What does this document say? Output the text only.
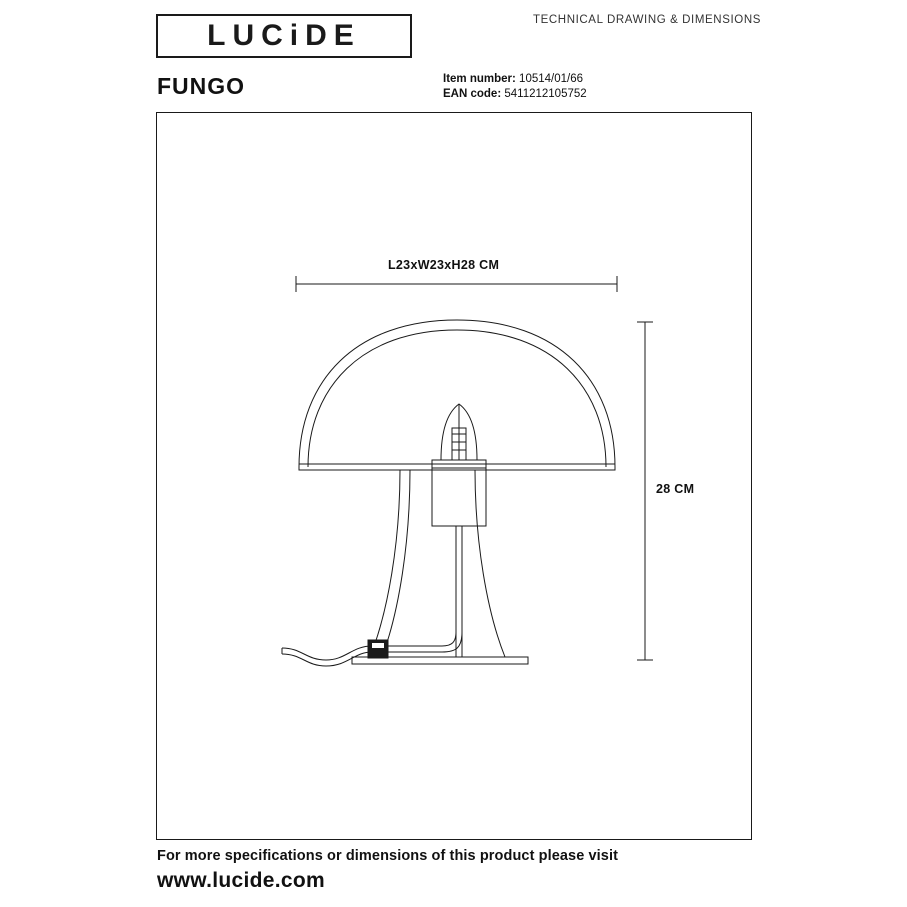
LUCiDE	TECHNICAL DRAWING & DIMENSIONS
FUNGO	Item number: 10514/01/66
EAN code: 5411212105752
L23xW23xH28 CM
28 CM
For more specifications or dimensions of this product please visit
www.lucide.com
